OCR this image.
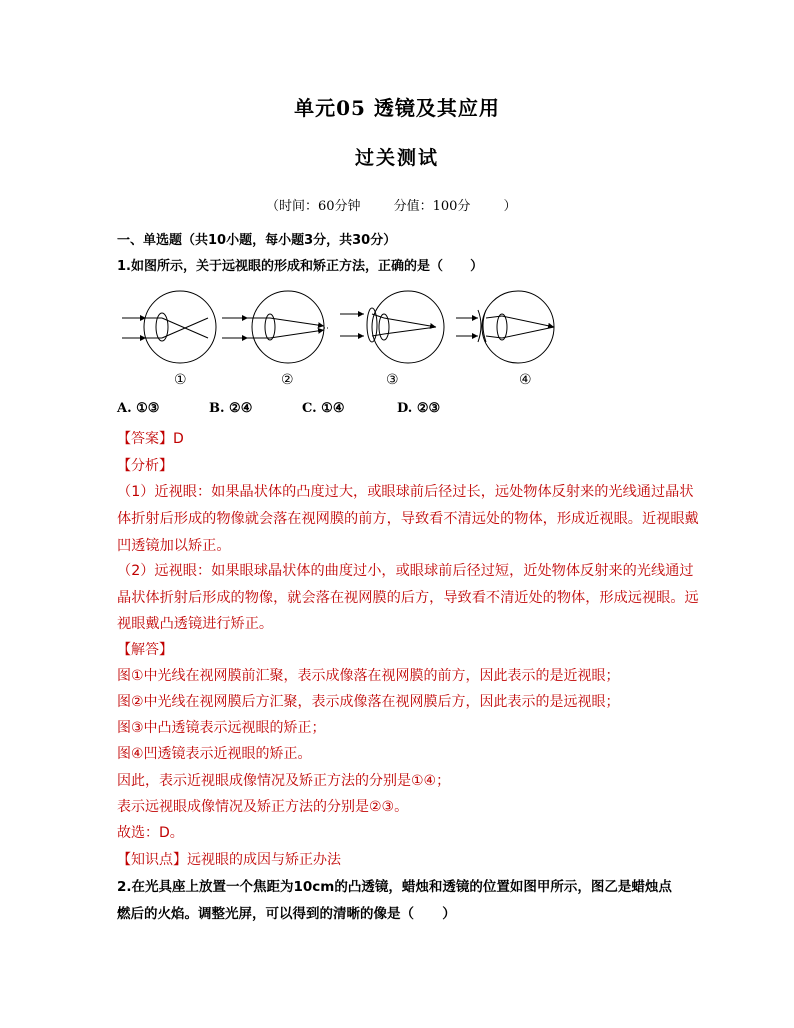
单元05 透镜及其应用
过关测试
（时间：60分钟        分值：100分        ）
一、单选题（共10小题，每小题3分，共30分）
1.如图所示，关于远视眼的形成和矫正方法，正确的是（      ）
①	②	③	④
A. ①③	B. ②④	C. ①④	D. ②③
【答案】D
【分析】
（1）近视眼：如果晶状体的凸度过大，或眼球前后径过长，远处物体反射来的光线通过晶状
体折射后形成的物像就会落在视网膜的前方，导致看不清远处的物体，形成近视眼。近视眼戴
凹透镜加以矫正。
（2）远视眼：如果眼球晶状体的曲度过小，或眼球前后径过短，近处物体反射来的光线通过
晶状体折射后形成的物像，就会落在视网膜的后方，导致看不清近处的物体，形成远视眼。远
视眼戴凸透镜进行矫正。
【解答】
图①中光线在视网膜前汇聚，表示成像落在视网膜的前方，因此表示的是近视眼；
图②中光线在视网膜后方汇聚，表示成像落在视网膜后方，因此表示的是远视眼；
图③中凸透镜表示远视眼的矫正；
图④凹透镜表示近视眼的矫正。
因此，表示近视眼成像情况及矫正方法的分别是①④；
表示远视眼成像情况及矫正方法的分别是②③。
故选：D。
【知识点】远视眼的成因与矫正办法
2.在光具座上放置一个焦距为10cm的凸透镜，蜡烛和透镜的位置如图甲所示，图乙是蜡烛点
燃后的火焰。调整光屏，可以得到的清晰的像是（      ）
